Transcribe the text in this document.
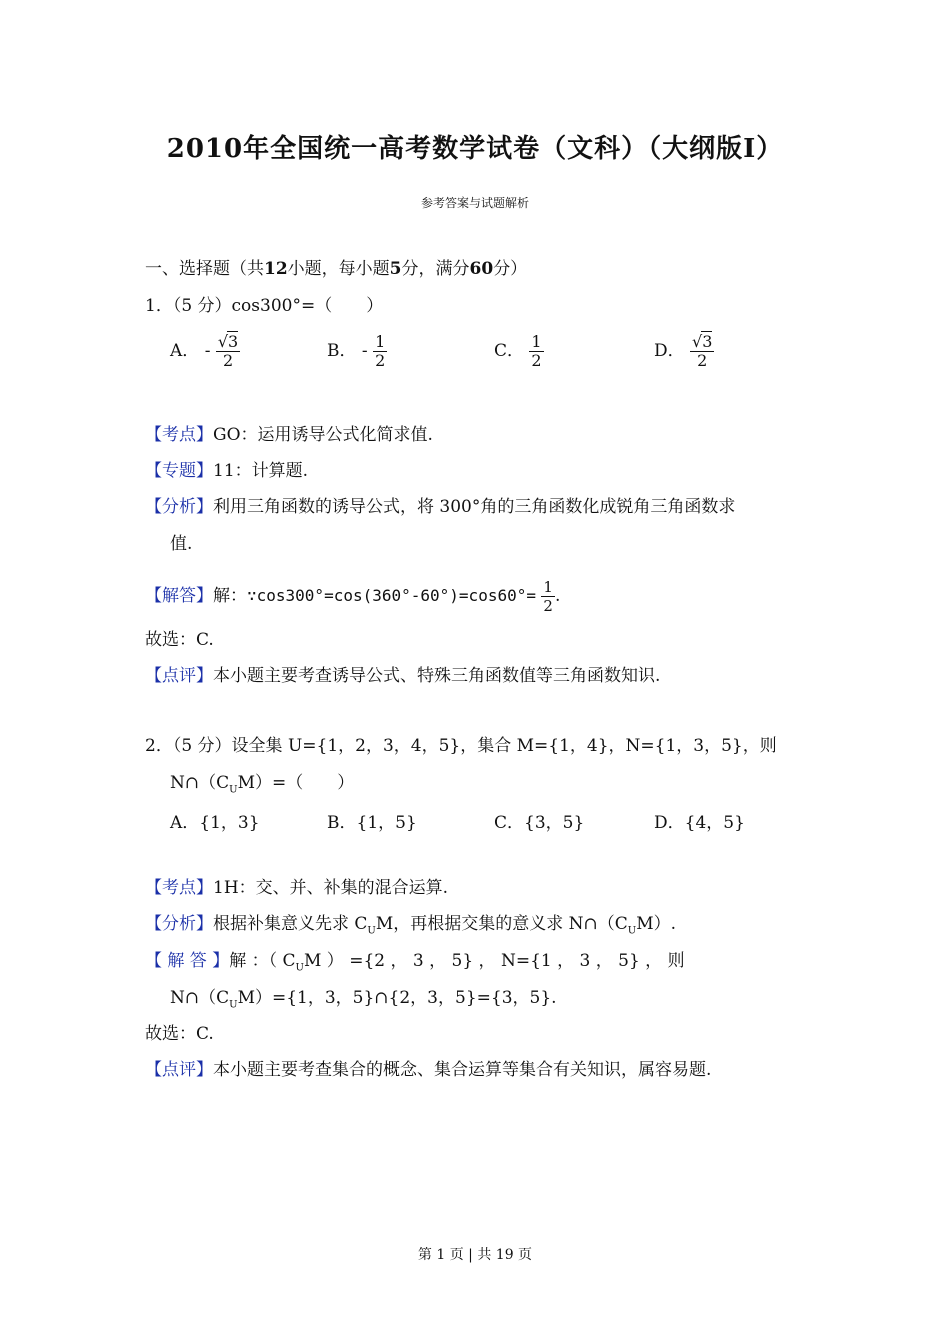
2010年全国统一高考数学试卷（文科）（大纲版Ⅰ）
参考答案与试题解析
一、选择题（共12小题，每小题5分，满分60分）
1．（5 分）cos300°=（　　）
A． - $\frac{√3}{2}$	B． - $\frac{1}{2}$	C． $\frac{1}{2}$	D． $\frac{√3}{2}$
【考点】GO：运用诱导公式化简求值.
【专题】11：计算题.
【分析】利用三角函数的诱导公式，将 300°角的三角函数化成锐角三角函数求
值.
【解答】解：∵cos300°=cos(360°-60°)=cos60°= $\frac{1}{2}$ .
故选：C.
【点评】本小题主要考查诱导公式、特殊三角函数值等三角函数知识.
2．（5 分）设全集 U={1，2，3，4，5}，集合 M={1，4}，N={1，3，5}，则
$N\cap(C_UM)=$（　　）
A．{1，3}	B．{1，5}	C．{3，5}	D．{4，5}
【考点】1H：交、并、补集的混合运算.
【分析】根据补集意义先求 $C_UM$，再根据交集的意义求 $N\cap(C_UM)$.
【 解 答 】解 ：（ $C_UM$ ） ={2 ， 3 ， 5} ， N={1 ， 3 ， 5} ， 则
$N\cap(C_UM)=\{1$，3，5}∩{2，3，5}={3，5}.
故选：C.
【点评】本小题主要考查集合的概念、集合运算等集合有关知识，属容易题.
第 1 页 | 共 19 页
